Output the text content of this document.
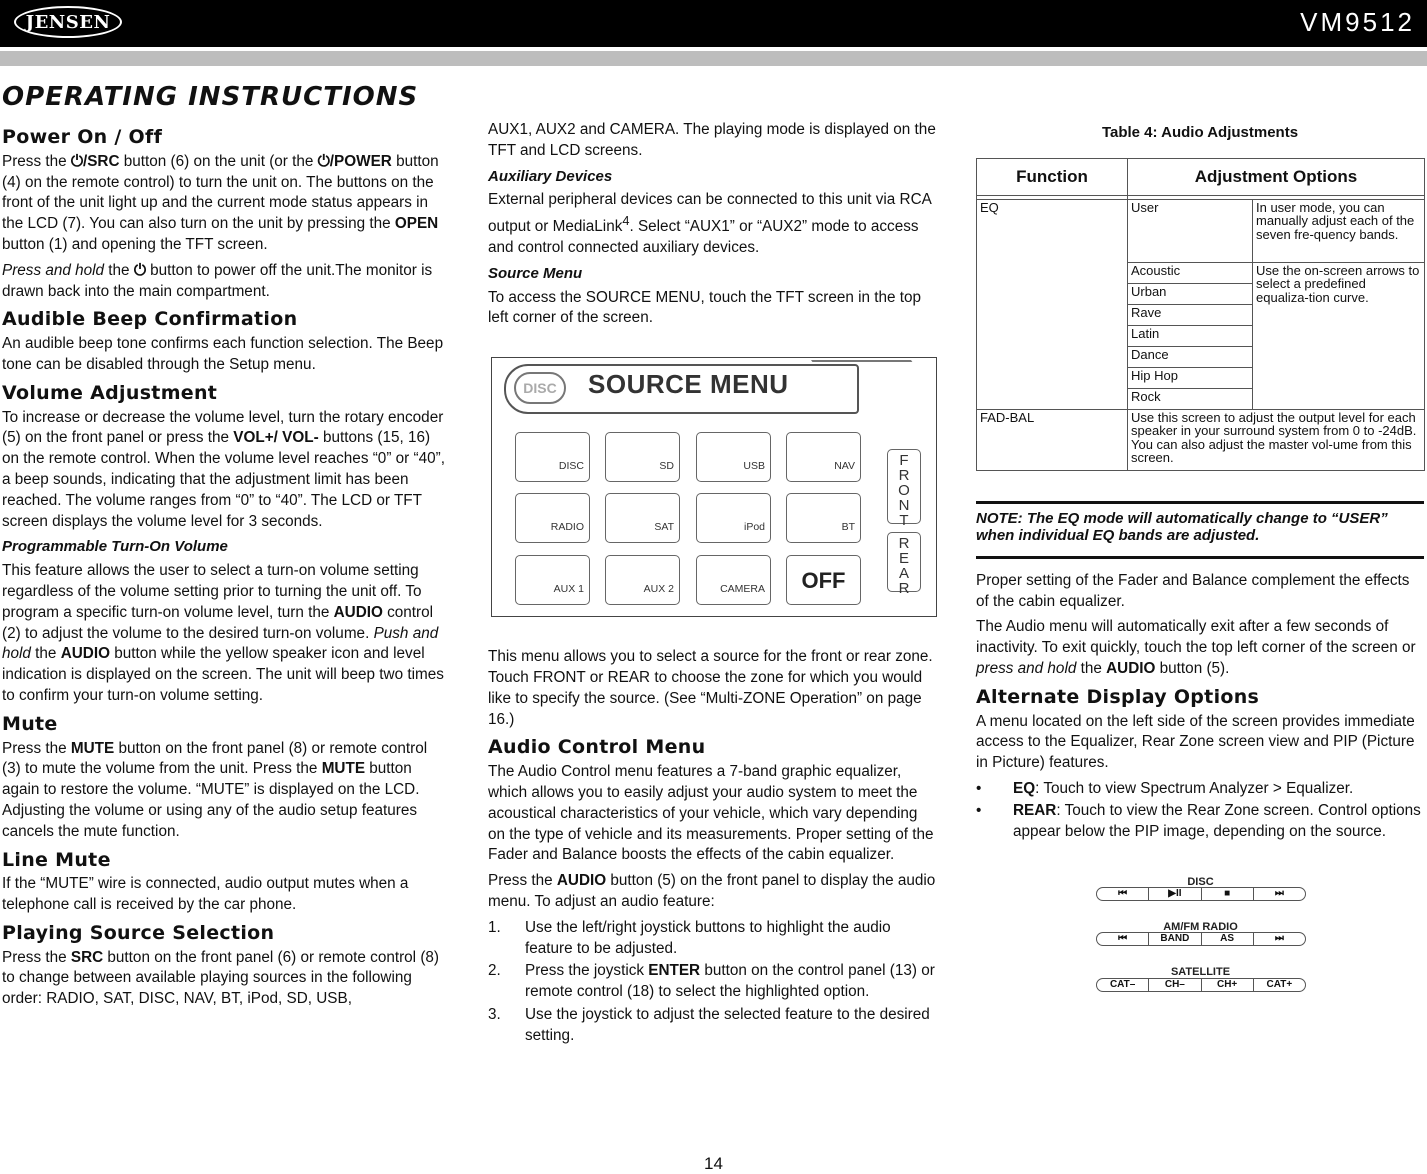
JENSEN	VM9512
OPERATING INSTRUCTIONS
Power On / Off

Press the ⏻/SRC button (6) on the unit (or the ⏻/POWER button (4) on the remote control) to turn the unit on. The buttons on the front of the unit light up and the current mode status appears in the LCD (7). You can also turn on the unit by pressing the OPEN button (1) and opening the TFT screen.

Press and hold the ⏻ button to power off the unit.The monitor is drawn back into the main compartment.

Audible Beep Confirmation

An audible beep tone confirms each function selection. The Beep tone can be disabled through the Setup menu.

Volume Adjustment

To increase or decrease the volume level, turn the rotary encoder (5) on the front panel or press the VOL+/ VOL- buttons (15, 16) on the remote control. When the volume level reaches “0” or “40”, a beep sounds, indicating that the adjustment limit has been reached. The volume ranges from “0” to “40”. The LCD or TFT screen displays the volume level for 3 seconds.

Programmable Turn-On Volume

This feature allows the user to select a turn-on volume setting regardless of the volume setting prior to turning the unit off. To program a specific turn-on volume level, turn the AUDIO control (2) to adjust the volume to the desired turn-on volume. Push and hold the AUDIO button while the yellow speaker icon and level indication is displayed on the screen. The unit will beep two times to confirm your turn-on volume setting.

Mute

Press the MUTE button on the front panel (8) or remote control (3) to mute the volume from the unit. Press the MUTE button again to restore the volume. “MUTE” is displayed on the LCD. Adjusting the volume or using any of the audio setup features cancels the mute function.

Line Mute

If the “MUTE” wire is connected, audio output mutes when a telephone call is received by the car phone.

Playing Source Selection

Press the SRC button on the front panel (6) or remote control (8) to change between available playing sources in the following order: RADIO, SAT, DISC, NAV, BT, iPod, SD, USB,

AUX1, AUX2 and CAMERA. The playing mode is displayed on the TFT and LCD screens.

Auxiliary Devices

External peripheral devices can be connected to this unit via RCA output or MediaLink$^4$. Select “AUX1” or “AUX2” mode to access and control connected auxiliary devices.

Source Menu

To access the SOURCE MENU, touch the TFT screen in the top left corner of the screen.

DISC	SOURCE MENU
DISC	SD	USB	NAV
RADIO	SAT	iPod	BT
AUX 1	AUX 2	CAMERA	OFF
F
R
O
N
T
R
E
A
R

This menu allows you to select a source for the front or rear zone. Touch FRONT or REAR to choose the zone for which you would like to specify the source. (See “Multi-ZONE Operation” on page 16.)

Audio Control Menu

The Audio Control menu features a 7-band graphic equalizer, which allows you to easily adjust your audio system to meet the acoustical characteristics of your vehicle, which vary depending on the type of vehicle and its measurements. Proper setting of the Fader and Balance boosts the effects of the cabin equalizer.

Press the AUDIO button (5) on the front panel to display the audio menu. To adjust an audio feature:

1. Use the left/right joystick buttons to highlight the audio feature to be adjusted.
2. Press the joystick ENTER button on the control panel (13) or remote control (18) to select the highlighted option.
3. Use the joystick to adjust the selected feature to the desired setting.
Table 4: Audio Adjustments
Function	Adjustment Options	

EQ	User	In user mode, you can manually adjust each of the seven fre-quency bands.
	Acoustic	Use the on-screen arrows to select a predefined equaliza-tion curve.
	Urban	
	Rave	
	Latin	
	Dance	
	Hip Hop	
	Rock	
FAD-BAL	Use this screen to adjust the output level for each speaker in your surround system from 0 to -24dB. You can also adjust the master vol-ume from this screen.	
NOTE: The EQ mode will automatically change to “USER” when individual EQ bands are adjusted.

Proper setting of the Fader and Balance complement the effects of the cabin equalizer.

The Audio menu will automatically exit after a few seconds of inactivity. To exit quickly, touch the top left corner of the screen or press and hold the AUDIO button (5).

Alternate Display Options

A menu located on the left side of the screen provides immediate access to the Equalizer, Rear Zone screen view and PIP (Picture in Picture) features.

• EQ: Touch to view Spectrum Analyzer > Equalizer.
• REAR: Touch to view the Rear Zone screen. Control options appear below the PIP image, depending on the source.
DISC
⏮	▶II	■	⏭
AM/FM RADIO
⏮	BAND	AS	⏭
SATELLITE
CAT–	CH–	CH+	CAT+
14
